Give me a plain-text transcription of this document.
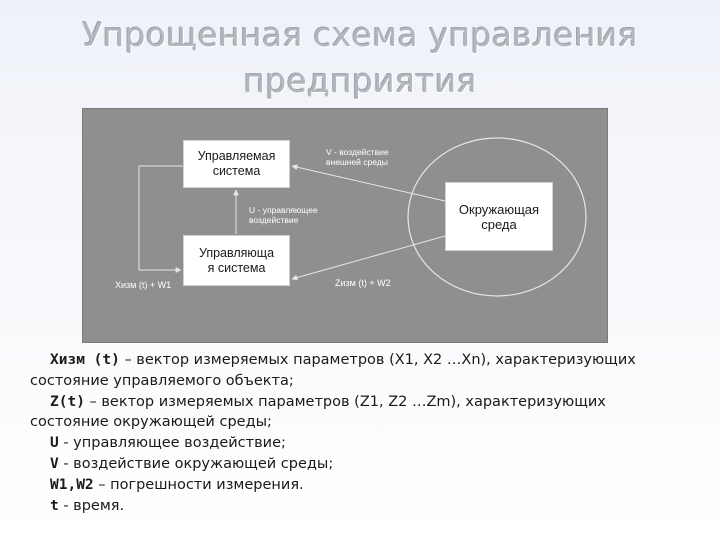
Упрощенная схема управления
предприятия
Управляемая
система
Управляюща
я система
Окружающая
среда
V - воздействие
внешней среды
U - управляющее
воздействие
Хизм (t) + W1	Zизм (t) + W2
Хизм (t) – вектор измеряемых параметров (Х1, Х2 …Хn), характеризующих
состояние управляемого объекта;
Z(t) – вектор измеряемых параметров (Z1, Z2 …Zm), характеризующих
состояние окружающей среды;
U - управляющее воздействие;
V - воздействие окружающей среды;
W1,W2 – погрешности измерения.
t - время.
